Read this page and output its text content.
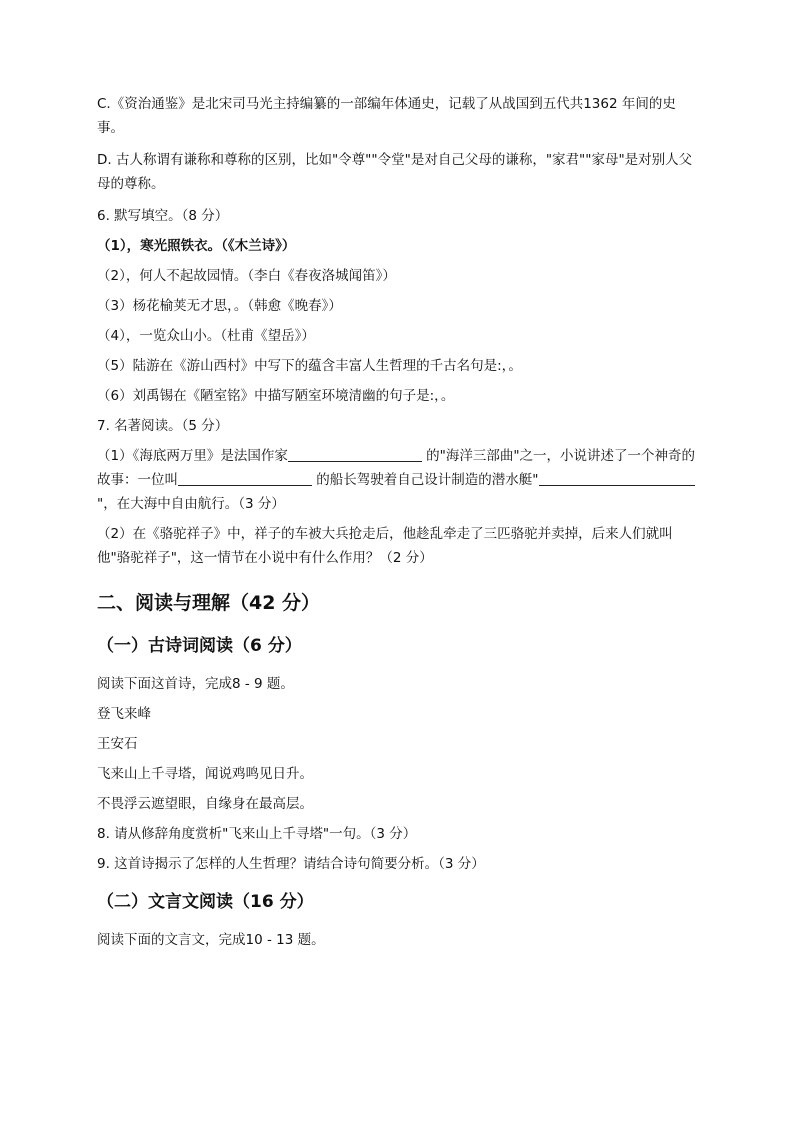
C.《资治通鉴》是北宋司马光主持编纂的一部编年体通史，记载了从战国到五代共1362 年间的史事。

D. 古人称谓有谦称和尊称的区别，比如"令尊""令堂"是对自己父母的谦称，"家君""家母"是对别人父母的尊称。

6. 默写填空。（8 分）

（1），寒光照铁衣。（《木兰诗》）

（2），何人不起故园情。（李白《春夜洛城闻笛》）

（3）杨花榆荚无才思，。（韩愈《晚春》）

（4），一览众山小。（杜甫《望岳》）

（5）陆游在《游山西村》中写下的蕴含丰富人生哲理的千古名句是:，。

（6）刘禹锡在《陋室铭》中描写陋室环境清幽的句子是:，。

7. 名著阅读。（5 分）

（1）《海底两万里》是法国作家	的"海洋三部曲"之一，小说讲述了一个神奇的故事：一位叫	的船长驾驶着自己设计制造的潜水艇""，在大海中自由航行。（3 分）

（2）在《骆驼祥子》中，祥子的车被大兵抢走后，他趁乱牵走了三匹骆驼并卖掉，后来人们就叫他"骆驼祥子"，这一情节在小说中有什么作用？（2 分）

二、阅读与理解（42 分）
（一）古诗词阅读（6 分）

阅读下面这首诗，完成8 - 9 题。

登飞来峰

王安石

飞来山上千寻塔，闻说鸡鸣见日升。

不畏浮云遮望眼，自缘身在最高层。

8. 请从修辞角度赏析"飞来山上千寻塔"一句。（3 分）

9. 这首诗揭示了怎样的人生哲理？请结合诗句简要分析。（3 分）

（二）文言文阅读（16 分）

阅读下面的文言文，完成10 - 13 题。
